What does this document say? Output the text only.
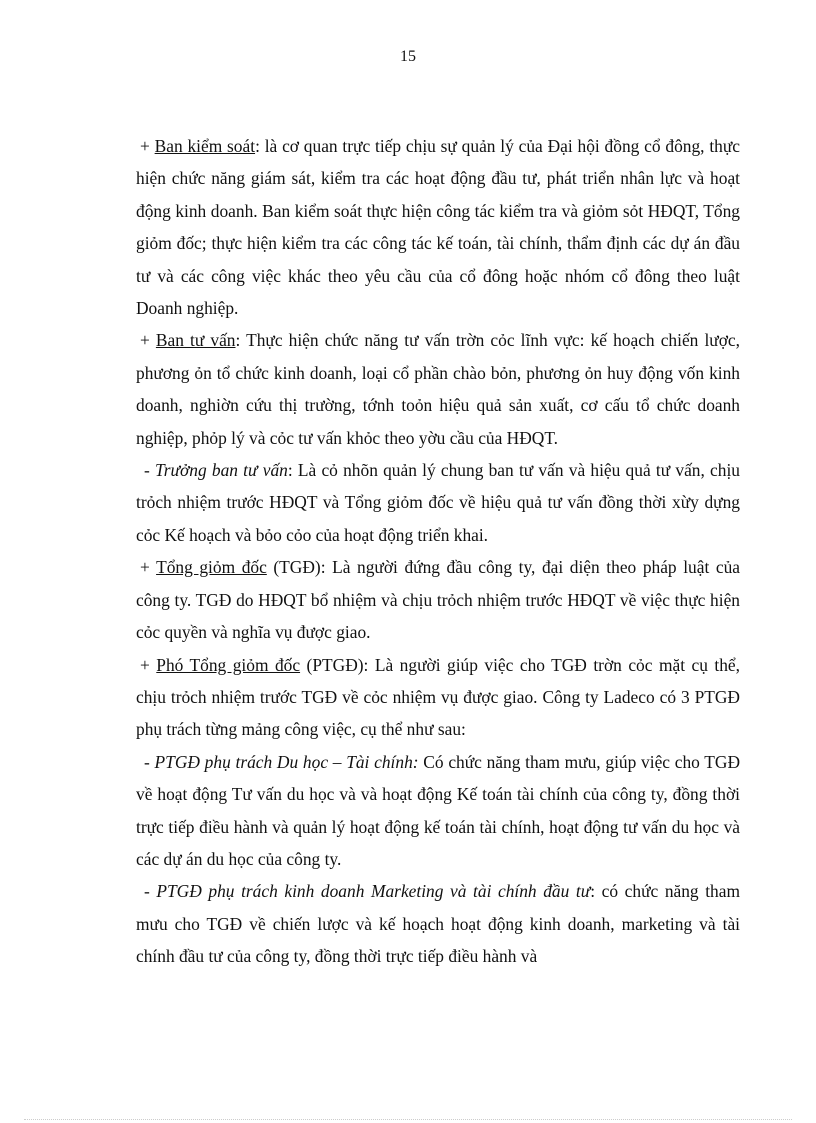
15

+ Ban kiểm soát: là cơ quan trực tiếp chịu sự quản lý của Đại hội đồng cổ đông, thực hiện chức năng giám sát, kiểm tra các hoạt động đầu tư, phát triển nhân lực và hoạt động kinh doanh. Ban kiểm soát thực hiện công tác kiểm tra và giỏm sỏt HĐQT, Tổng giỏm đốc; thực hiện kiểm tra các công tác kế toán, tài chính, thẩm định các dự án đầu tư và các công việc khác theo yêu cầu của cổ đông hoặc nhóm cổ đông theo luật Doanh nghiệp.

+ Ban tư vấn: Thực hiện chức năng tư vấn trờn cỏc lĩnh vực: kế hoạch chiến lược, phương ỏn tổ chức kinh doanh, loại cổ phần chào bỏn, phương ỏn huy động vốn kinh doanh, nghiờn cứu thị trường, tớnh toỏn hiệu quả sản xuất, cơ cấu tổ chức doanh nghiệp, phỏp lý và cỏc tư vấn khỏc theo yờu cầu của HĐQT.

- Trưởng ban tư vấn: Là cỏ nhõn quản lý chung ban tư vấn và hiệu quả tư vấn, chịu trỏch nhiệm trước HĐQT và Tổng giỏm đốc về hiệu quả tư vấn đồng thời xừy dựng cỏc Kế hoạch và bỏo cỏo của hoạt động triển khai.

+ Tổng giỏm đốc (TGĐ): Là người đứng đầu công ty, đại diện theo pháp luật của công ty. TGĐ do HĐQT bổ nhiệm và chịu trỏch nhiệm trước HĐQT về việc thực hiện cỏc quyền và nghĩa vụ được giao.

+ Phó Tổng giỏm đốc (PTGĐ): Là người giúp việc cho TGĐ trờn cỏc mặt cụ thể, chịu trỏch nhiệm trước TGĐ về cỏc nhiệm vụ được giao. Công ty Ladeco có 3 PTGĐ phụ trách từng mảng công việc, cụ thể như sau:

- PTGĐ phụ trách Du học – Tài chính: Có chức năng tham mưu, giúp việc cho TGĐ về hoạt động Tư vấn du học và và hoạt động Kế toán tài chính của công ty, đồng thời trực tiếp điều hành và quản lý hoạt động kế toán tài chính, hoạt động tư vấn du học và các dự án du học của công ty.

- PTGĐ phụ trách kinh doanh Marketing và tài chính đầu tư: có chức năng tham mưu cho TGĐ về chiến lược và kế hoạch hoạt động kinh doanh, marketing và tài chính đầu tư của công ty, đồng thời trực tiếp điều hành và
